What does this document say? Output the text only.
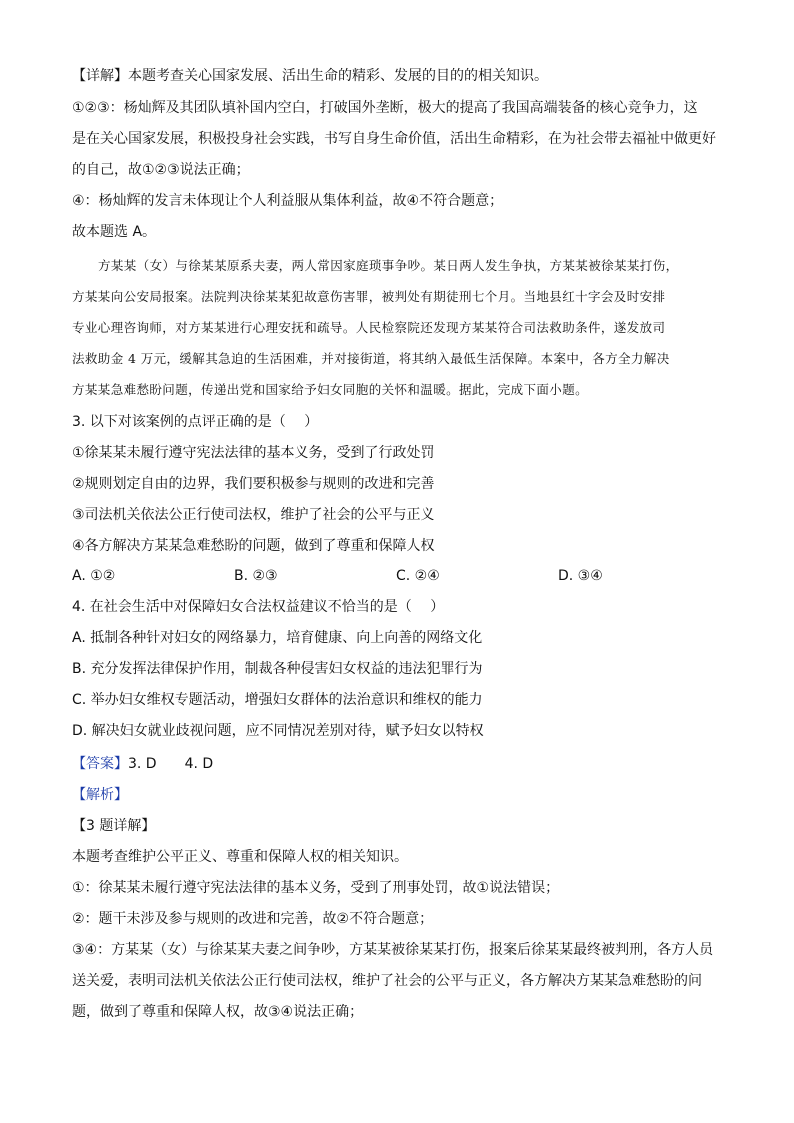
【详解】本题考查关心国家发展、活出生命的精彩、发展的目的的相关知识。
①②③：杨灿辉及其团队填补国内空白，打破国外垄断，极大的提高了我国高端装备的核心竞争力，这
是在关心国家发展，积极投身社会实践，书写自身生命价值，活出生命精彩，在为社会带去福祉中做更好
的自己，故①②③说法正确；
④：杨灿辉的发言未体现让个人利益服从集体利益，故④不符合题意；
故本题选 A。
方某某（女）与徐某某原系夫妻，两人常因家庭琐事争吵。某日两人发生争执，方某某被徐某某打伤，
方某某向公安局报案。法院判决徐某某犯故意伤害罪，被判处有期徒刑七个月。当地县红十字会及时安排
专业心理咨询师，对方某某进行心理安抚和疏导。人民检察院还发现方某某符合司法救助条件，遂发放司
法救助金 4 万元，缓解其急迫的生活困难，并对接街道，将其纳入最低生活保障。本案中，各方全力解决
方某某急难愁盼问题，传递出党和国家给予妇女同胞的关怀和温暖。据此，完成下面小题。
3. 以下对该案例的点评正确的是（　 ）
①徐某某未履行遵守宪法法律的基本义务，受到了行政处罚
②规则划定自由的边界，我们要积极参与规则的改进和完善
③司法机关依法公正行使司法权，维护了社会的公平与正义
④各方解决方某某急难愁盼的问题，做到了尊重和保障人权
A. ①②	B. ②③	C. ②④	D. ③④
4. 在社会生活中对保障妇女合法权益建议不恰当的是（　 ）
A. 抵制各种针对妇女的网络暴力，培育健康、向上向善的网络文化
B. 充分发挥法律保护作用，制裁各种侵害妇女权益的违法犯罪行为
C. 举办妇女维权专题活动，增强妇女群体的法治意识和维权的能力
D. 解决妇女就业歧视问题，应不同情况差别对待，赋予妇女以特权
【答案】3. D　　4. D
【解析】
【3 题详解】
本题考查维护公平正义、尊重和保障人权的相关知识。
①：徐某某未履行遵守宪法法律的基本义务，受到了刑事处罚，故①说法错误；
②：题干未涉及参与规则的改进和完善，故②不符合题意；
③④：方某某（女）与徐某某夫妻之间争吵，方某某被徐某某打伤，报案后徐某某最终被判刑，各方人员
送关爱，表明司法机关依法公正行使司法权，维护了社会的公平与正义，各方解决方某某急难愁盼的问
题，做到了尊重和保障人权，故③④说法正确；
